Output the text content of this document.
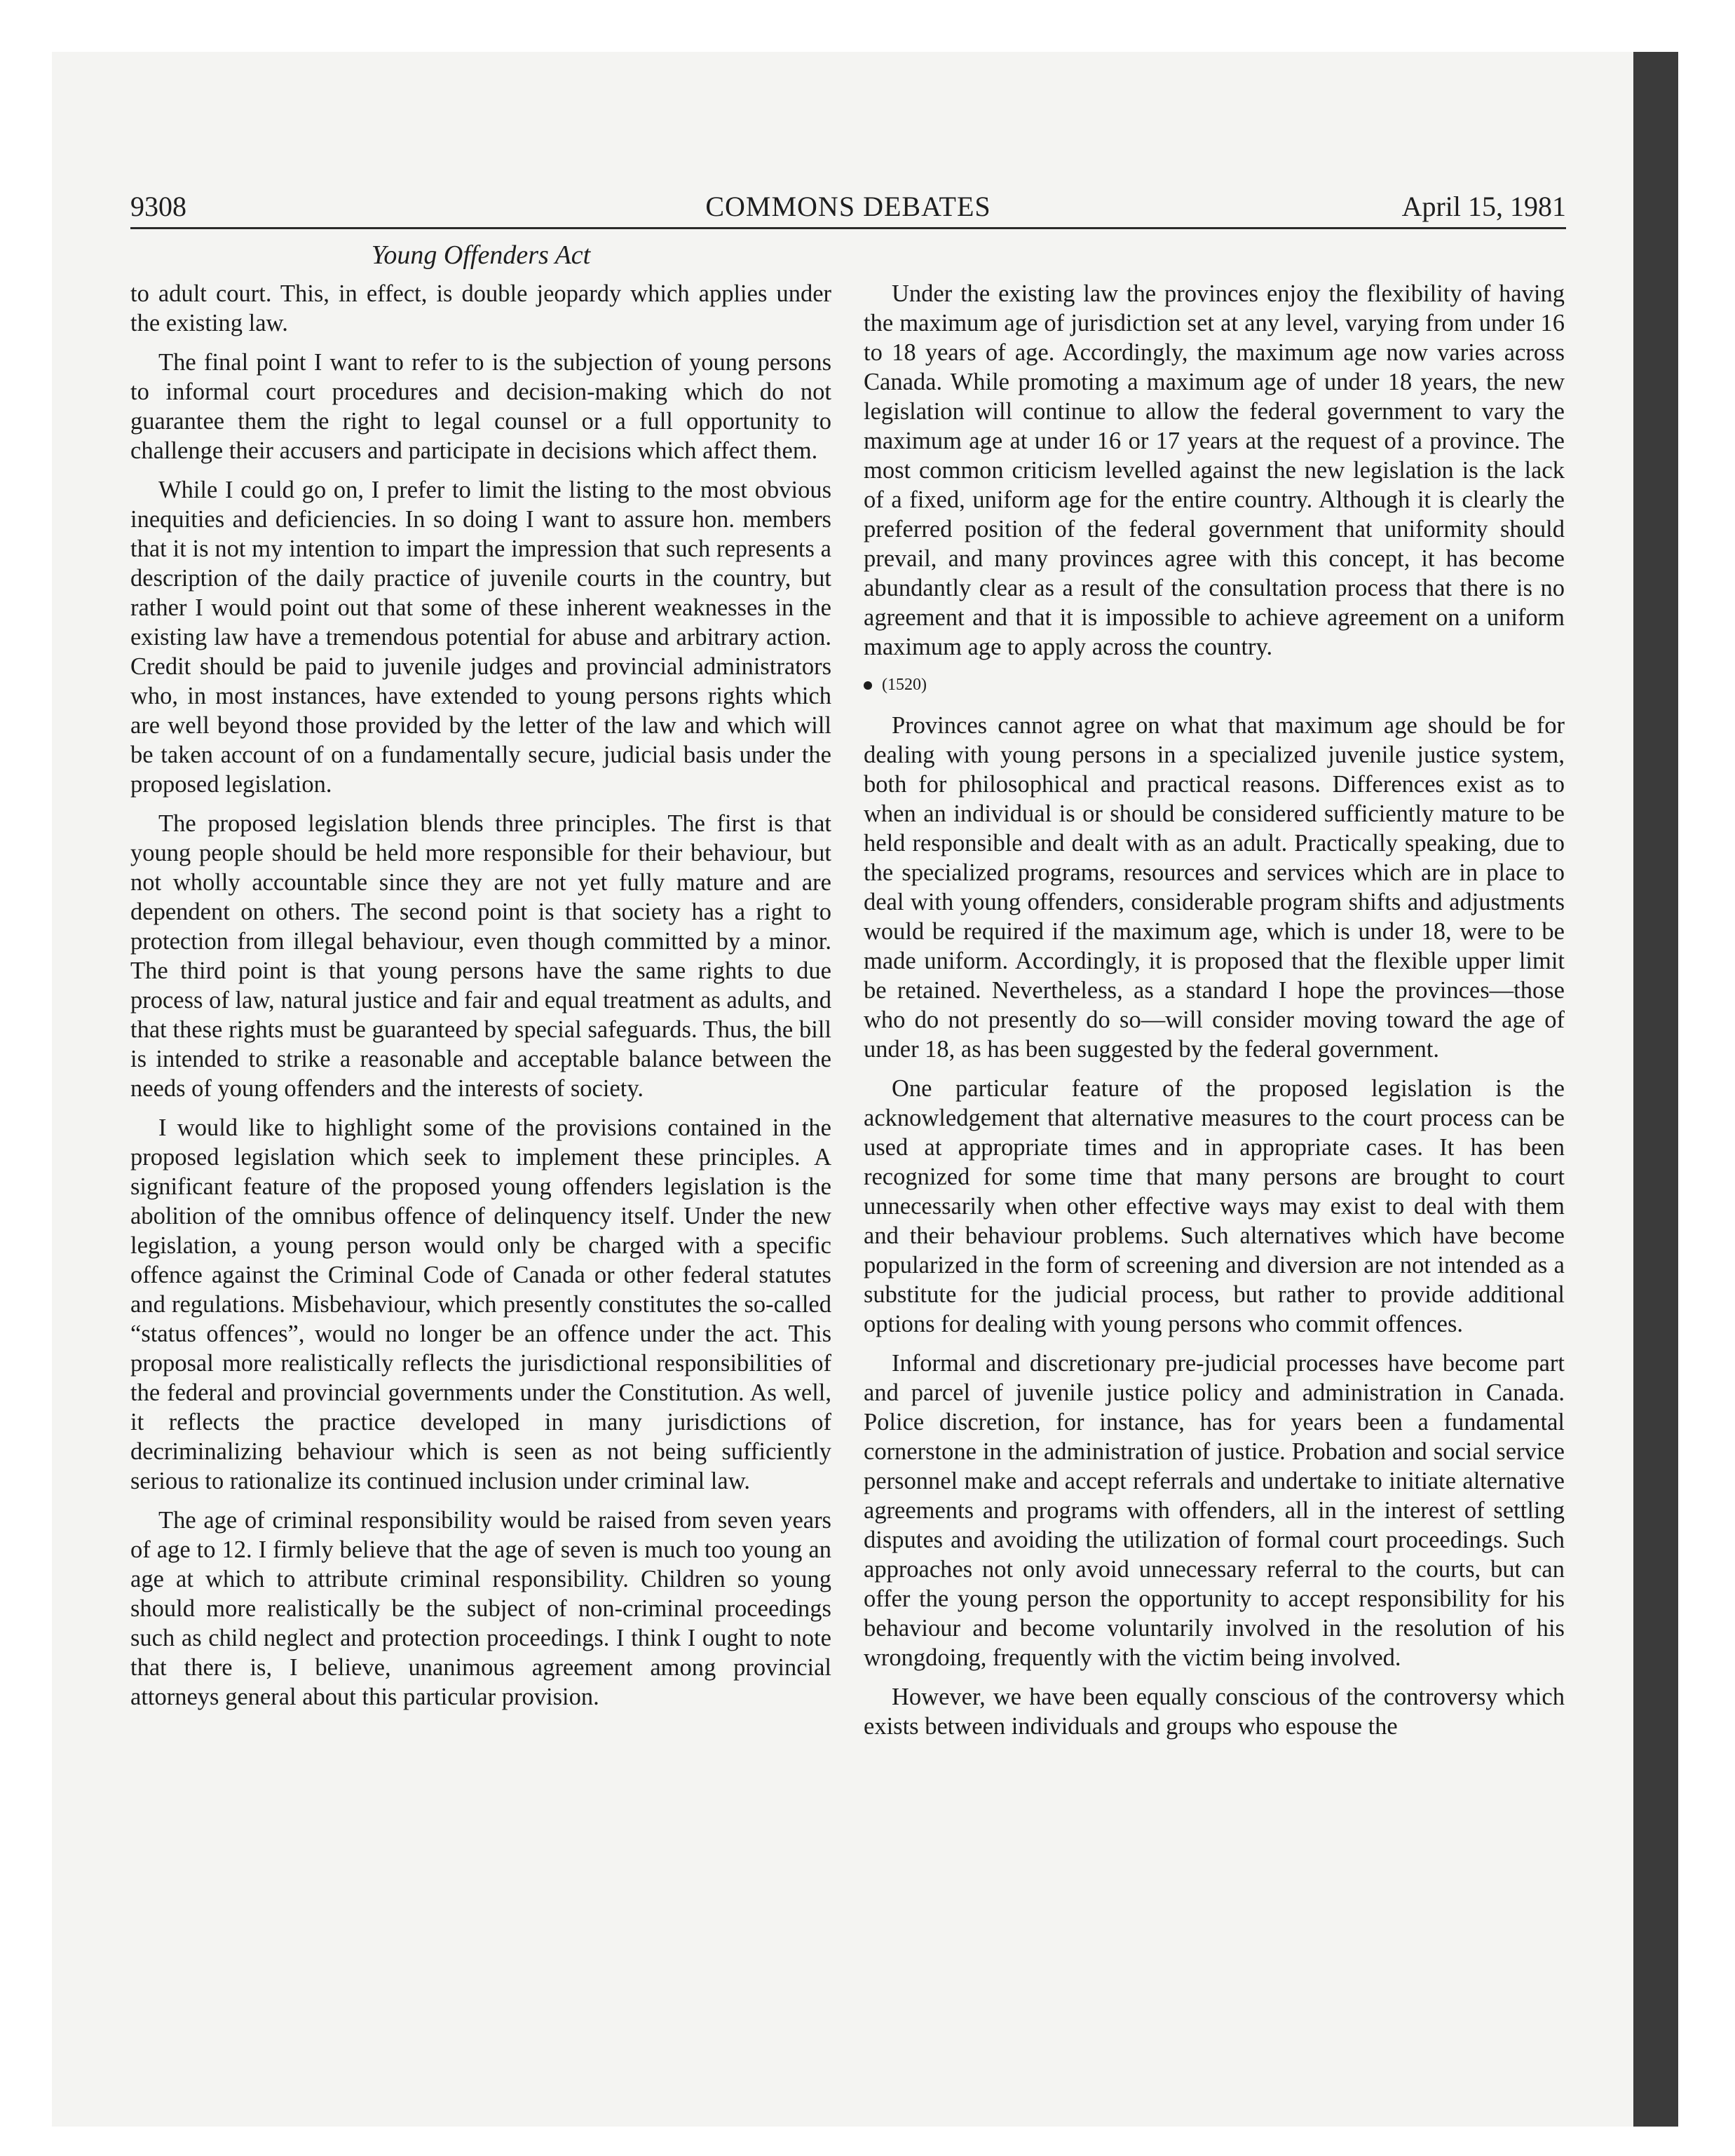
9308	COMMONS DEBATES	April 15, 1981
Young Offenders Act

to adult court. This, in effect, is double jeopardy which applies under the existing law.

The final point I want to refer to is the subjection of young persons to informal court procedures and decision-making which do not guarantee them the right to legal counsel or a full opportunity to challenge their accusers and participate in decisions which affect them.

While I could go on, I prefer to limit the listing to the most obvious inequities and deficiencies. In so doing I want to assure hon. members that it is not my intention to impart the impression that such represents a description of the daily practice of juvenile courts in the country, but rather I would point out that some of these inherent weaknesses in the existing law have a tremendous potential for abuse and arbitrary action. Credit should be paid to juvenile judges and provincial administrators who, in most instances, have extended to young persons rights which are well beyond those provided by the letter of the law and which will be taken account of on a fundamentally secure, judicial basis under the proposed legislation.

The proposed legislation blends three principles. The first is that young people should be held more responsible for their behaviour, but not wholly accountable since they are not yet fully mature and are dependent on others. The second point is that society has a right to protection from illegal behaviour, even though committed by a minor. The third point is that young persons have the same rights to due process of law, natural justice and fair and equal treatment as adults, and that these rights must be guaranteed by special safeguards. Thus, the bill is intended to strike a reasonable and acceptable balance between the needs of young offenders and the interests of society.

I would like to highlight some of the provisions contained in the proposed legislation which seek to implement these principles. A significant feature of the proposed young offenders legislation is the abolition of the omnibus offence of delinquency itself. Under the new legislation, a young person would only be charged with a specific offence against the Criminal Code of Canada or other federal statutes and regulations. Misbehaviour, which presently constitutes the so-called “status offences”, would no longer be an offence under the act. This proposal more realistically reflects the jurisdictional responsibilities of the federal and provincial governments under the Constitution. As well, it reflects the practice developed in many jurisdictions of decriminalizing behaviour which is seen as not being sufficiently serious to rationalize its continued inclusion under criminal law.

The age of criminal responsibility would be raised from seven years of age to 12. I firmly believe that the age of seven is much too young an age at which to attribute criminal responsibility. Children so young should more realistically be the subject of non-criminal proceedings such as child neglect and protection proceedings. I think I ought to note that there is, I believe, unanimous agreement among provincial attorneys general about this particular provision.

Under the existing law the provinces enjoy the flexibility of having the maximum age of jurisdiction set at any level, varying from under 16 to 18 years of age. Accordingly, the maximum age now varies across Canada. While promoting a maximum age of under 18 years, the new legislation will continue to allow the federal government to vary the maximum age at under 16 or 17 years at the request of a province. The most common criticism levelled against the new legislation is the lack of a fixed, uniform age for the entire country. Although it is clearly the preferred position of the federal government that uniformity should prevail, and many provinces agree with this concept, it has become abundantly clear as a result of the consultation process that there is no agreement and that it is impossible to achieve agreement on a uniform maximum age to apply across the country.

(1520)

Provinces cannot agree on what that maximum age should be for dealing with young persons in a specialized juvenile justice system, both for philosophical and practical reasons. Differences exist as to when an individual is or should be considered sufficiently mature to be held responsible and dealt with as an adult. Practically speaking, due to the specialized programs, resources and services which are in place to deal with young offenders, considerable program shifts and adjustments would be required if the maximum age, which is under 18, were to be made uniform. Accordingly, it is proposed that the flexible upper limit be retained. Nevertheless, as a standard I hope the provinces—those who do not presently do so—will consider moving toward the age of under 18, as has been suggested by the federal government.

One particular feature of the proposed legislation is the acknowledgement that alternative measures to the court process can be used at appropriate times and in appropriate cases. It has been recognized for some time that many persons are brought to court unnecessarily when other effective ways may exist to deal with them and their behaviour problems. Such alternatives which have become popularized in the form of screening and diversion are not intended as a substitute for the judicial process, but rather to provide additional options for dealing with young persons who commit offences.

Informal and discretionary pre-judicial processes have become part and parcel of juvenile justice policy and administration in Canada. Police discretion, for instance, has for years been a fundamental cornerstone in the administration of justice. Probation and social service personnel make and accept referrals and undertake to initiate alternative agreements and programs with offenders, all in the interest of settling disputes and avoiding the utilization of formal court proceedings. Such approaches not only avoid unnecessary referral to the courts, but can offer the young person the opportunity to accept responsibility for his behaviour and become voluntarily involved in the resolution of his wrongdoing, frequently with the victim being involved.

However, we have been equally conscious of the controversy which exists between individuals and groups who espouse the
